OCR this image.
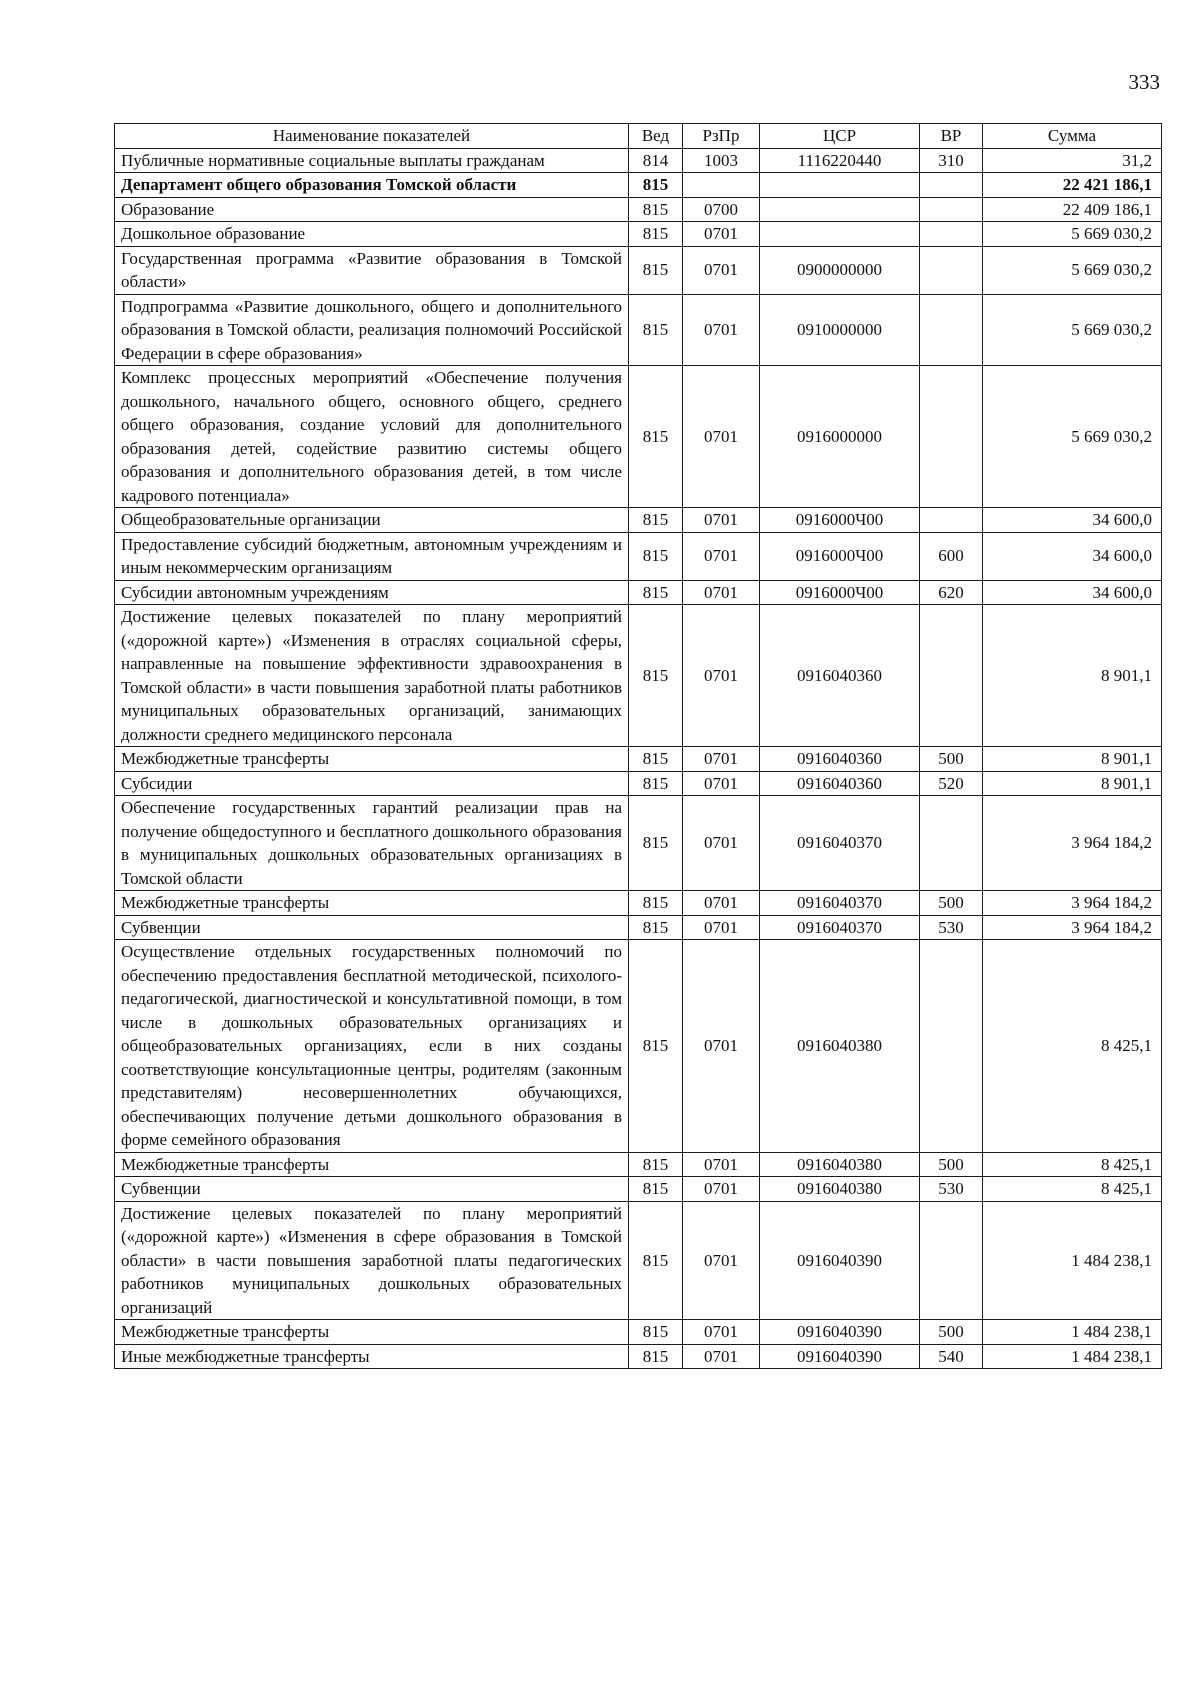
333
Наименование показателей	Вед	РзПр	ЦСР	ВР	Сумма
Публичные нормативные социальные выплаты гражданам	814	1003	1116220440	310	31,2
Департамент общего образования Томской области	815				22 421 186,1
Образование	815	0700			22 409 186,1
Дошкольное образование	815	0701			5 669 030,2
Государственная программа «Развитие образования в Томской области»	815	0701	0900000000		5 669 030,2
Подпрограмма «Развитие дошкольного, общего и дополнительного образования в Томской области, реализация полномочий Российской Федерации в сфере образования»	815	0701	0910000000		5 669 030,2
Комплекс процессных мероприятий «Обеспечение получения дошкольного, начального общего, основного общего, среднего общего образования, создание условий для дополнительного образования детей, содействие развитию системы общего образования и дополнительного образования детей, в том числе кадрового потенциала»	815	0701	0916000000		5 669 030,2
Общеобразовательные организации	815	0701	0916000Ч00		34 600,0
Предоставление субсидий бюджетным, автономным учреждениям и иным некоммерческим организациям	815	0701	0916000Ч00	600	34 600,0
Субсидии автономным учреждениям	815	0701	0916000Ч00	620	34 600,0
Достижение целевых показателей по плану мероприятий («дорожной карте») «Изменения в отраслях социальной сферы, направленные на повышение эффективности здравоохранения в Томской области» в части повышения заработной платы работников муниципальных образовательных организаций, занимающих должности среднего медицинского персонала	815	0701	0916040360		8 901,1
Межбюджетные трансферты	815	0701	0916040360	500	8 901,1
Субсидии	815	0701	0916040360	520	8 901,1
Обеспечение государственных гарантий реализации прав на получение общедоступного и бесплатного дошкольного образования в муниципальных дошкольных образовательных организациях в Томской области	815	0701	0916040370		3 964 184,2
Межбюджетные трансферты	815	0701	0916040370	500	3 964 184,2
Субвенции	815	0701	0916040370	530	3 964 184,2
Осуществление отдельных государственных полномочий по обеспечению предоставления бесплатной методической, психолого-педагогической, диагностической и консультативной помощи, в том числе в дошкольных образовательных организациях и общеобразовательных организациях, если в них созданы соответствующие консультационные центры, родителям (законным представителям) несовершеннолетних обучающихся, обеспечивающих получение детьми дошкольного образования в форме семейного образования	815	0701	0916040380		8 425,1
Межбюджетные трансферты	815	0701	0916040380	500	8 425,1
Субвенции	815	0701	0916040380	530	8 425,1
Достижение целевых показателей по плану мероприятий («дорожной карте») «Изменения в сфере образования в Томской области» в части повышения заработной платы педагогических работников муниципальных дошкольных образовательных организаций	815	0701	0916040390		1 484 238,1
Межбюджетные трансферты	815	0701	0916040390	500	1 484 238,1
Иные межбюджетные трансферты	815	0701	0916040390	540	1 484 238,1
